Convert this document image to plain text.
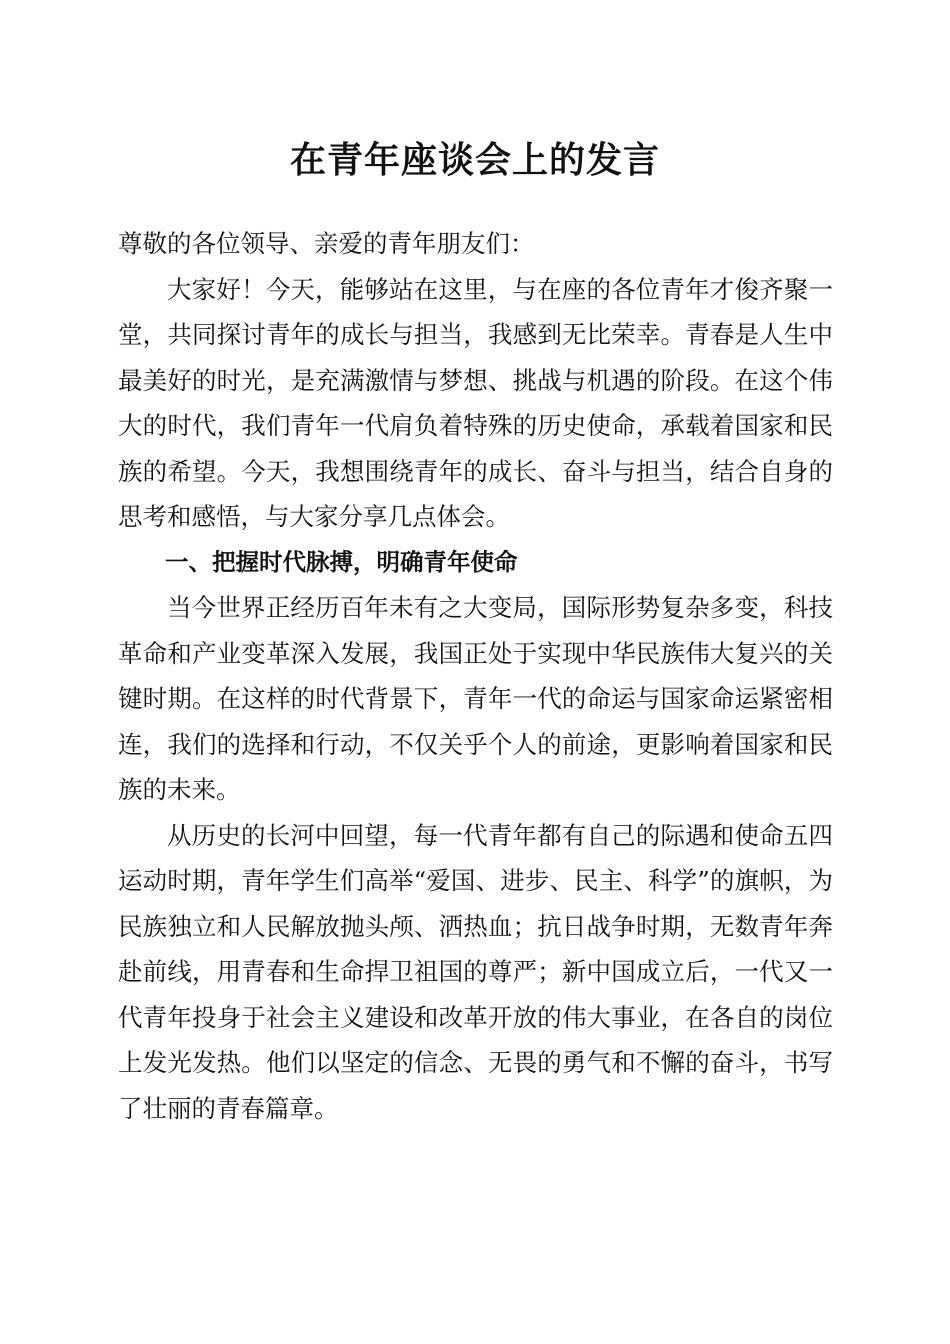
在青年座谈会上的发言

尊敬的各位领导、亲爱的青年朋友们：

大家好！今天，能够站在这里，与在座的各位青年才俊齐聚一堂，共同探讨青年的成长与担当，我感到无比荣幸。青春是人生中最美好的时光，是充满激情与梦想、挑战与机遇的阶段。在这个伟大的时代，我们青年一代肩负着特殊的历史使命，承载着国家和民族的希望。今天，我想围绕青年的成长、奋斗与担当，结合自身的思考和感悟，与大家分享几点体会。

一、把握时代脉搏，明确青年使命

当今世界正经历百年未有之大变局，国际形势复杂多变，科技革命和产业变革深入发展，我国正处于实现中华民族伟大复兴的关键时期。在这样的时代背景下，青年一代的命运与国家命运紧密相连，我们的选择和行动，不仅关乎个人的前途，更影响着国家和民族的未来。

从历史的长河中回望，每一代青年都有自己的际遇和使命五四运动时期，青年学生们高举“爱国、进步、民主、科学”的旗帜，为民族独立和人民解放抛头颅、洒热血；抗日战争时期，无数青年奔赴前线，用青春和生命捍卫祖国的尊严；新中国成立后，一代又一代青年投身于社会主义建设和改革开放的伟大事业，在各自的岗位上发光发热。他们以坚定的信念、无畏的勇气和不懈的奋斗，书写了壮丽的青春篇章。
